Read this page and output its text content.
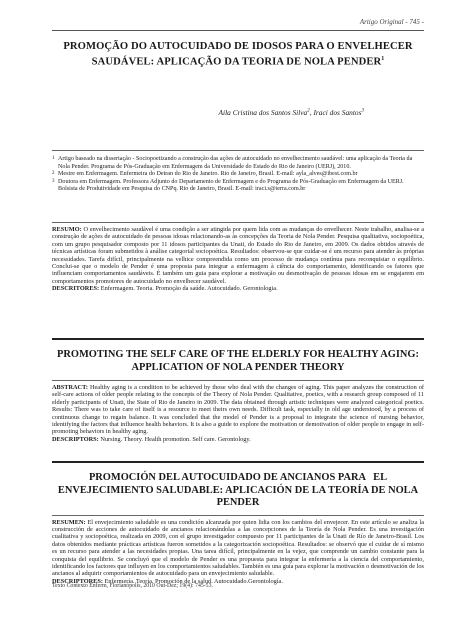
Artigo Original - 745 -

PROMOÇÃO DO AUTOCUIDADO DE IDOSOS PARA O ENVELHECER
SAUDÁVEL: APLICAÇÃO DA TEORIA DE NOLA PENDER$^1$

Aila Cristina dos Santos Silva$^2$, Iraci dos Santos$^3$

1 Artigo baseado na dissertação - Sociopoetizando a construção das ações de autocuidado no envelhecimento saudável: uma aplicação da Teoria da Nola Pender. Programa de Pós-Graduação em Enfermagem da Universidade do Estado do Rio de Janeiro (UERJ), 2010.

2 Mestre em Enfermagem. Enfermeira do Detran do Rio de Janeiro. Rio de Janeiro, Brasil. E-mail: ayla_alves@ibest.com.br

3 Doutora em Enfermagem. Professora Adjunto do Departamento de Enfermagem e do Programa de Pós-Graduação em Enfermagem da UERJ. Bolsista de Produtividade em Pesquisa do CNPq. Rio de Janeiro, Brasil. E-mail: iraci.s@terra.com.br

RESUMO: O envelhecimento saudável é uma condição a ser atingida por quem lida com as mudanças do envelhecer. Neste trabalho, analisa-se a construção de ações de autocuidado de pessoas idosas relacionando-as às concepções da Teoria de Nola Pender. Pesquisa qualitativa, sociopoética, com um grupo pesquisador composto por 11 idosos participantes da Unati, do Estado do Rio de Janeiro, em 2009. Os dados obtidos através de técnicas artísticas foram submetidos à análise categorial sociopoética. Resultados: observou-se que cuidar-se é um recurso para atender às próprias necessidades. Tarefa difícil, principalmente na velhice compreendida como um processo de mudança contínua para reconquistar o equilíbrio. Conclui-se que o modelo de Pender é uma proposta para integrar a enfermagem à ciência do comportamento, identificando os fatores que influenciam comportamentos saudáveis. É também um guia para explorar a motivação ou desmotivação de pessoas idosas em se engajarem em comportamentos promotores de autocuidado no envelhecer saudável.

DESCRITORES: Enfermagem. Teoria. Promoção da saúde. Autocuidado. Gerontologia.

PROMOTING THE SELF CARE OF THE ELDERLY FOR HEALTHY AGING:
APPLICATION OF NOLA PENDER THEORY

ABSTRACT: Healthy aging is a condition to be achieved by those who deal with the changes of aging. This paper analyzes the construction of self-care actions of older people relating to the concepts of the Theory of Nola Pender. Qualitative, poetics, with a research group composed of 11 elderly participants of Unati, the State of Rio de Janeiro in 2009. The data obtained through artistic techniques were analyzed categorical poetics. Results: There was to take care of itself is a resource to meet theirs own needs. Difficult task, especially in old age understood, by a process of continuous change to regain balance. It was concluded that the model of Pender is a proposal to integrate the science of nursing behavior, identifying the factors that influence health behaviors. It is also a guide to explore the motivation or demotivation of older people to engage in self-promoting behaviors in healthy aging.

DESCRIPTORS: Nursing. Theory. Health promotion. Self care. Gerontology.

PROMOCIÓN DEL AUTOCUIDADO DE ANCIANOS PARA   EL
ENVEJECIMIENTO SALUDABLE: APLICACIÓN DE LA TEORÍA DE NOLA
PENDER

RESUMEN: El envejecimiento saludable es una condición alcanzada por quien lidia con los cambios del envejecer. En este artículo se analiza la construcción de acciones de autocuidado de ancianos relacionándolas a las concepciones de la Teoría de Nola Pender. Es una investigación cualitativa y sociopoética, realizada en 2009, con el grupo investigador compuesto por 11 participantes de la Unati de Río de Janeiro-Brasil. Los datos obtenidos mediante prácticas artísticas fueron sometidos a la categorización sociopoética. Resultados: se observó que el cuidar de sí mismo es un recurso para atender a las necesidades propias. Una tarea difícil, principalmente en la vejez, que comprende un cambio constante para la conquista del equilibrio. Se concluyó que el modelo de Pender es una propuesta para integrar la enfermería a la ciencia del comportamiento, identificando los factores que influyen en los comportamientos saludables. También es una guía para explorar la motivación o desmotivación de los ancianos al adquirir comportamientos de autocuidado para un envejecimiento saludable.

DESCRIPTORES: Enfermería. Teoría. Promoción de la salud. Autocuidado.Gerontología.

Texto Contexto Enferm, Florianópolis, 2010 Out-Dez; 19(4): 745-53.
